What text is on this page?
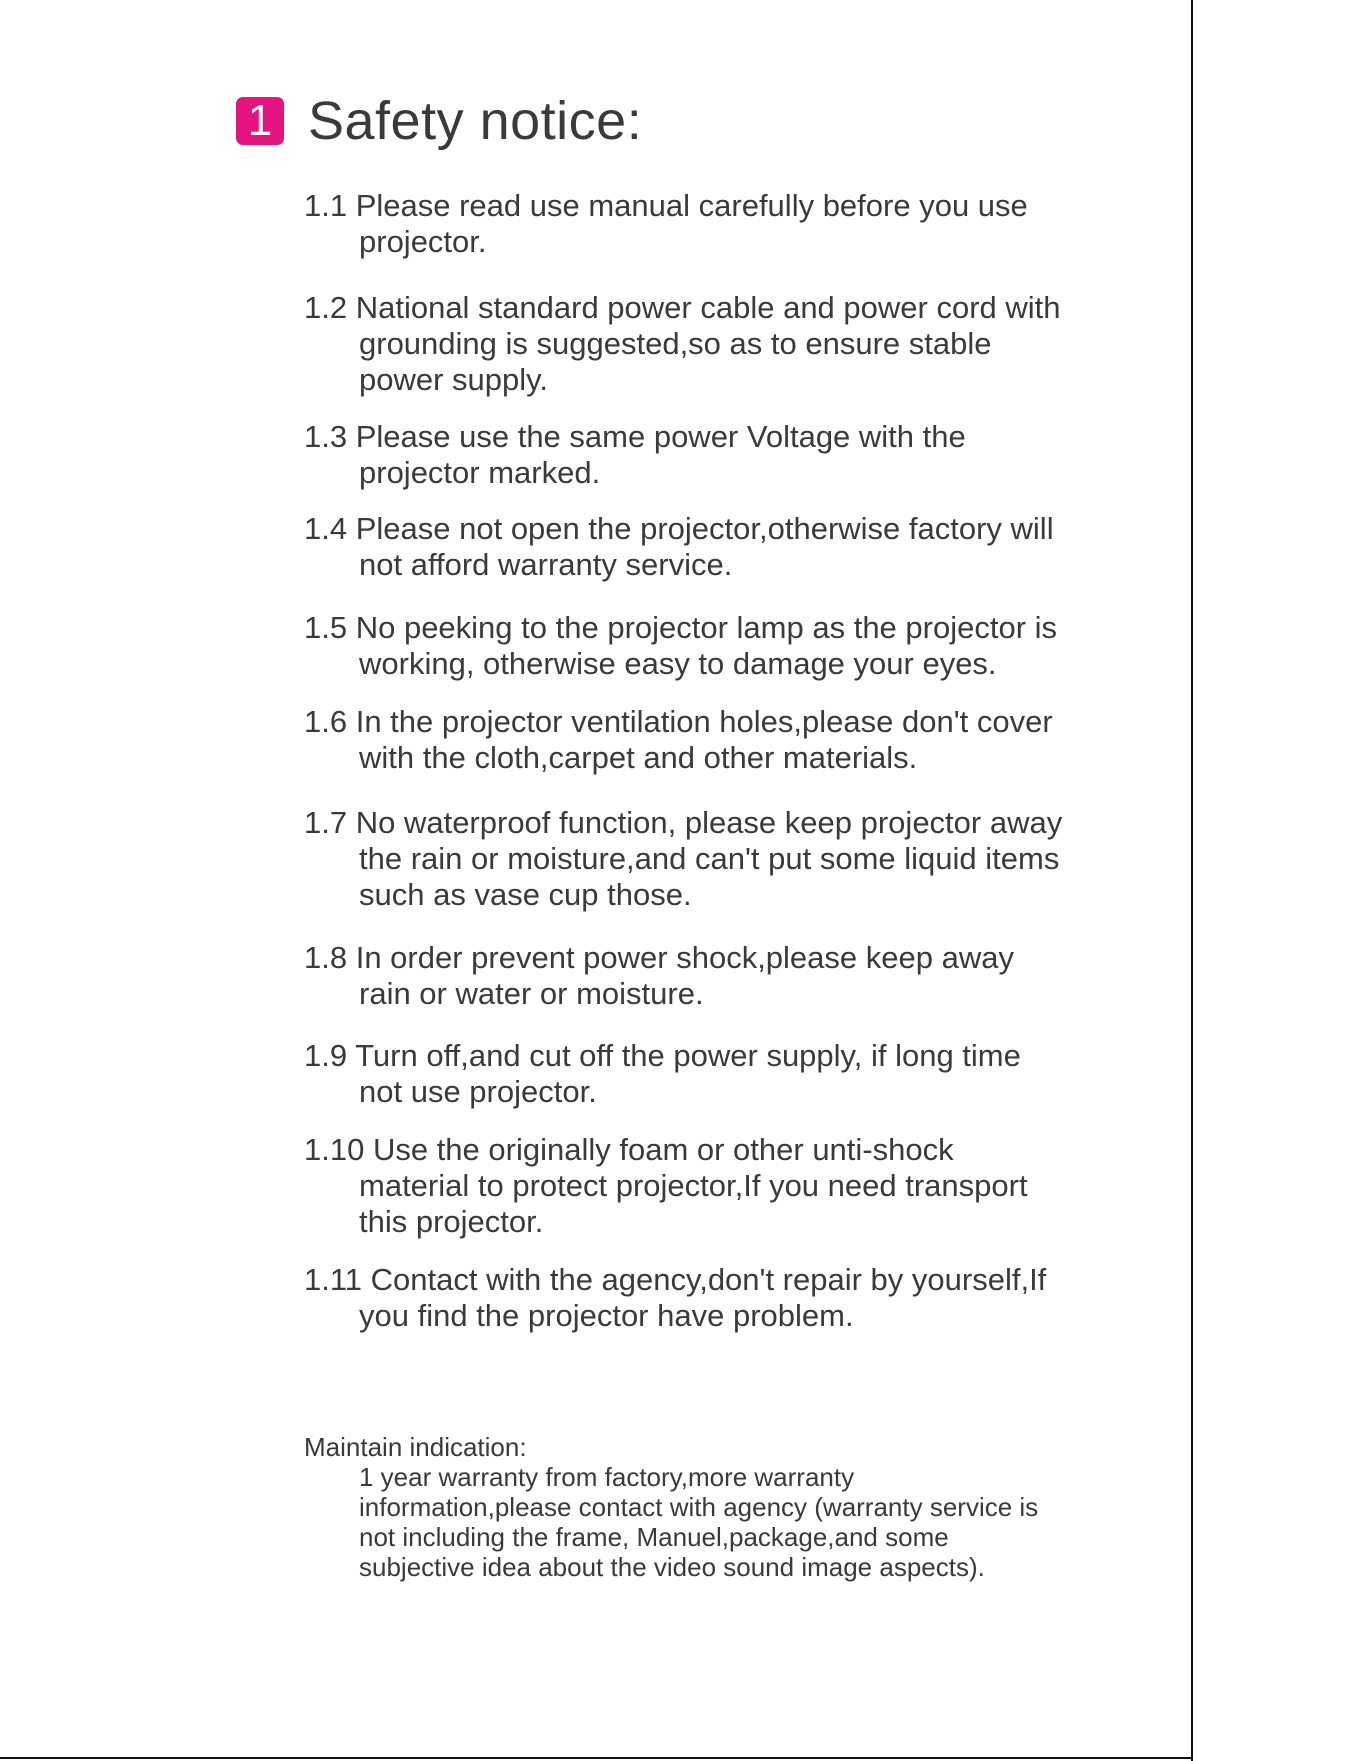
1 Safety notice:
1.1 Please read use manual carefully before you use
projector.
1.2 National standard power cable and power cord with
grounding is suggested,so as to ensure stable
power supply.
1.3 Please use the same power Voltage with the
projector marked.
1.4 Please not open the projector,otherwise factory will
not afford warranty service.
1.5 No peeking to the projector lamp as the projector is
working, otherwise easy to damage your eyes.
1.6 In the projector ventilation holes,please don't cover
with the cloth,carpet and other materials.
1.7 No waterproof function, please keep projector away
the rain or moisture,and can't put some liquid items
such as vase cup those.
1.8 In order prevent power shock,please keep away
rain or water or moisture.
1.9 Turn off,and cut off the power supply, if long time
not use projector.
1.10 Use the originally foam or other unti-shock
material to protect projector,If you need transport
this projector.
1.11 Contact with the agency,don't repair by yourself,If
you find the projector have problem.
Maintain indication:
1 year warranty from factory,more warranty
information,please contact with agency (warranty service is
not including the frame, Manuel,package,and some
subjective idea about the video sound image aspects).
